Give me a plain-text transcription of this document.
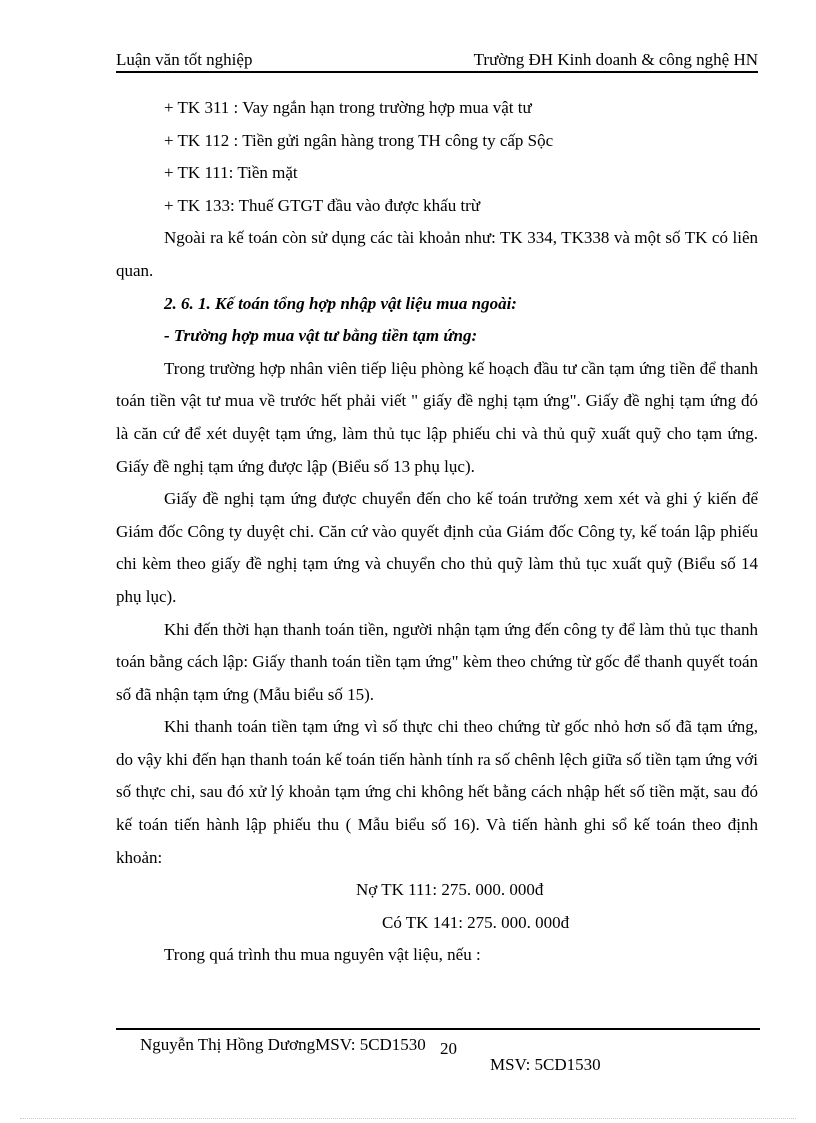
Luận văn tốt nghiệp	Trường ĐH Kinh doanh & công nghệ HN
+ TK 311 : Vay ngắn hạn trong trường hợp mua vật tư
+ TK 112 : Tiền gửi ngân hàng trong TH công ty cấp Sộc
+ TK 111: Tiền mặt
+ TK 133: Thuế GTGT đầu vào được khấu trừ
Ngoài ra kế toán còn sử dụng các tài khoản như: TK 334, TK338 và một số TK có liên quan.
2. 6. 1. Kế toán tổng hợp nhập vật liệu mua ngoài:
- Trường hợp mua vật tư bằng tiền tạm ứng:
Trong trường hợp nhân viên tiếp liệu phòng kế hoạch đầu tư cần tạm ứng tiền để thanh toán tiền vật tư mua về trước hết phải viết " giấy đề nghị tạm ứng". Giấy đề nghị tạm ứng đó là căn cứ để xét duyệt tạm ứng, làm thủ tục lập phiếu chi và thủ quỹ xuất quỹ cho tạm ứng. Giấy đề nghị tạm ứng được lập (Biểu số 13 phụ lục).
Giấy đề nghị tạm ứng được chuyển đến cho kế toán trưởng xem xét và ghi ý kiến để Giám đốc Công ty duyệt chi. Căn cứ vào quyết định của Giám đốc Công ty, kế toán lập phiếu chi kèm theo giấy đề nghị tạm ứng và chuyển cho thủ quỹ làm thủ tục xuất quỹ (Biểu số 14 phụ lục).
Khi đến thời hạn thanh toán tiền, người nhận tạm ứng đến công ty để làm thủ tục thanh toán bằng cách lập: Giấy thanh toán tiền tạm ứng" kèm theo chứng từ gốc để thanh quyết toán số đã nhận tạm ứng (Mẫu biểu số 15).
Khi thanh toán tiền tạm ứng vì số thực chi theo chứng từ gốc nhỏ hơn số đã tạm ứng, do vậy khi đến hạn thanh toán kế toán tiến hành tính ra số chênh lệch giữa số tiền tạm ứng với số thực chi, sau đó xử lý khoản tạm ứng chi không hết bằng cách nhập hết số tiền mặt, sau đó kế toán tiến hành lập phiếu thu ( Mẫu biểu số 16). Và tiến hành ghi sổ kế toán theo định khoản:
Nợ TK 111: 275. 000. 000đ
Có TK 141: 275. 000. 000đ
Trong quá trình thu mua nguyên vật liệu, nếu :
Nguyễn Thị Hồng DươngMSV: 5CD1530 20
MSV: 5CD1530
